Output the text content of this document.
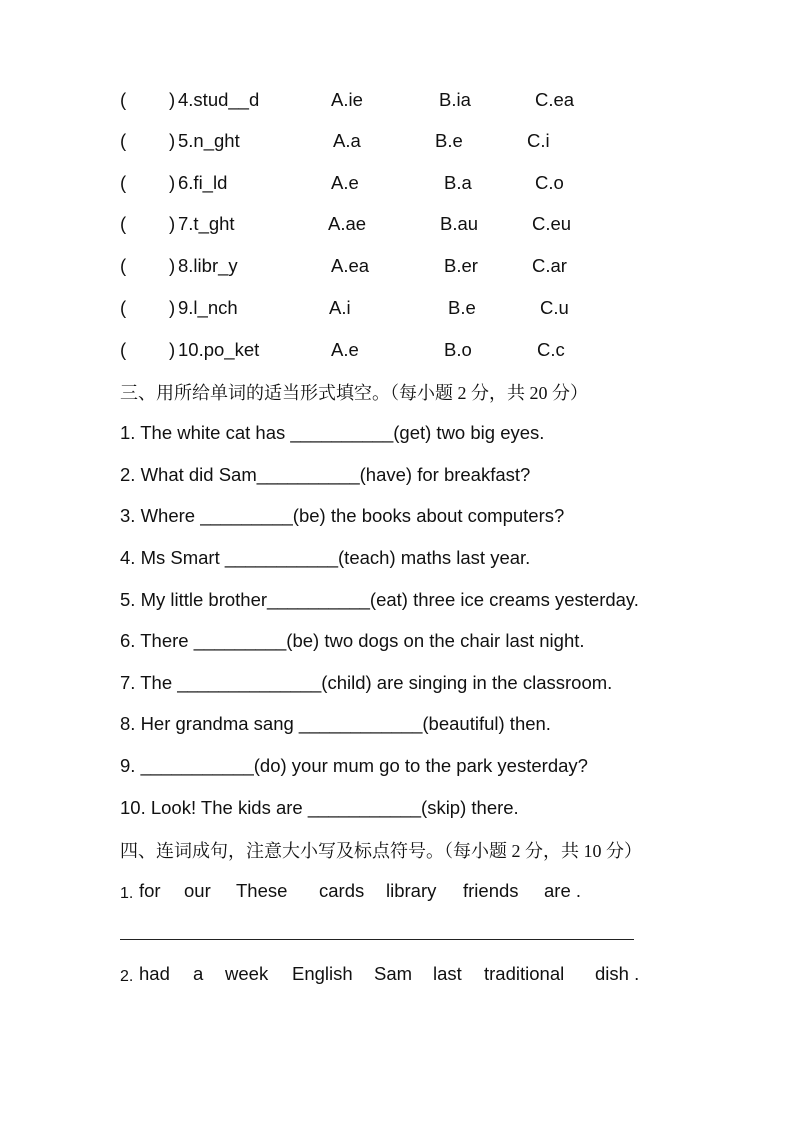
( ) 4.stud__d	A.ie	B.ia	C.ea
( ) 5.n_ght	A.a	B.e	C.i
( ) 6.fi_ld	A.e	B.a	C.o
( ) 7.t_ght	A.ae	B.au	C.eu
( ) 8.libr_y	A.ea	B.er	C.ar
( ) 9.l_nch	A.i	B.e	C.u
( ) 10.po_ket	A.e	B.o	C.c
三、用所给单词的适当形式填空。（每小题 2 分，共 20 分）
1. The white cat has __________(get) two big eyes.
2. What did Sam__________(have) for breakfast?
3. Where _________(be) the books about computers?
4. Ms Smart ___________(teach) maths last year.
5. My little brother__________(eat) three ice creams yesterday.
6. There _________(be) two dogs on the chair last night.
7. The ______________(child) are singing in the classroom.
8. Her grandma sang ____________(beautiful) then.
9. ___________(do) your mum go to the park yesterday?
10. Look! The kids are ___________(skip) there.
四、连词成句，注意大小写及标点符号。（每小题 2 分，共 10 分）
1. for our These cards library friends are .
2. had a week English Sam last traditional dish .
